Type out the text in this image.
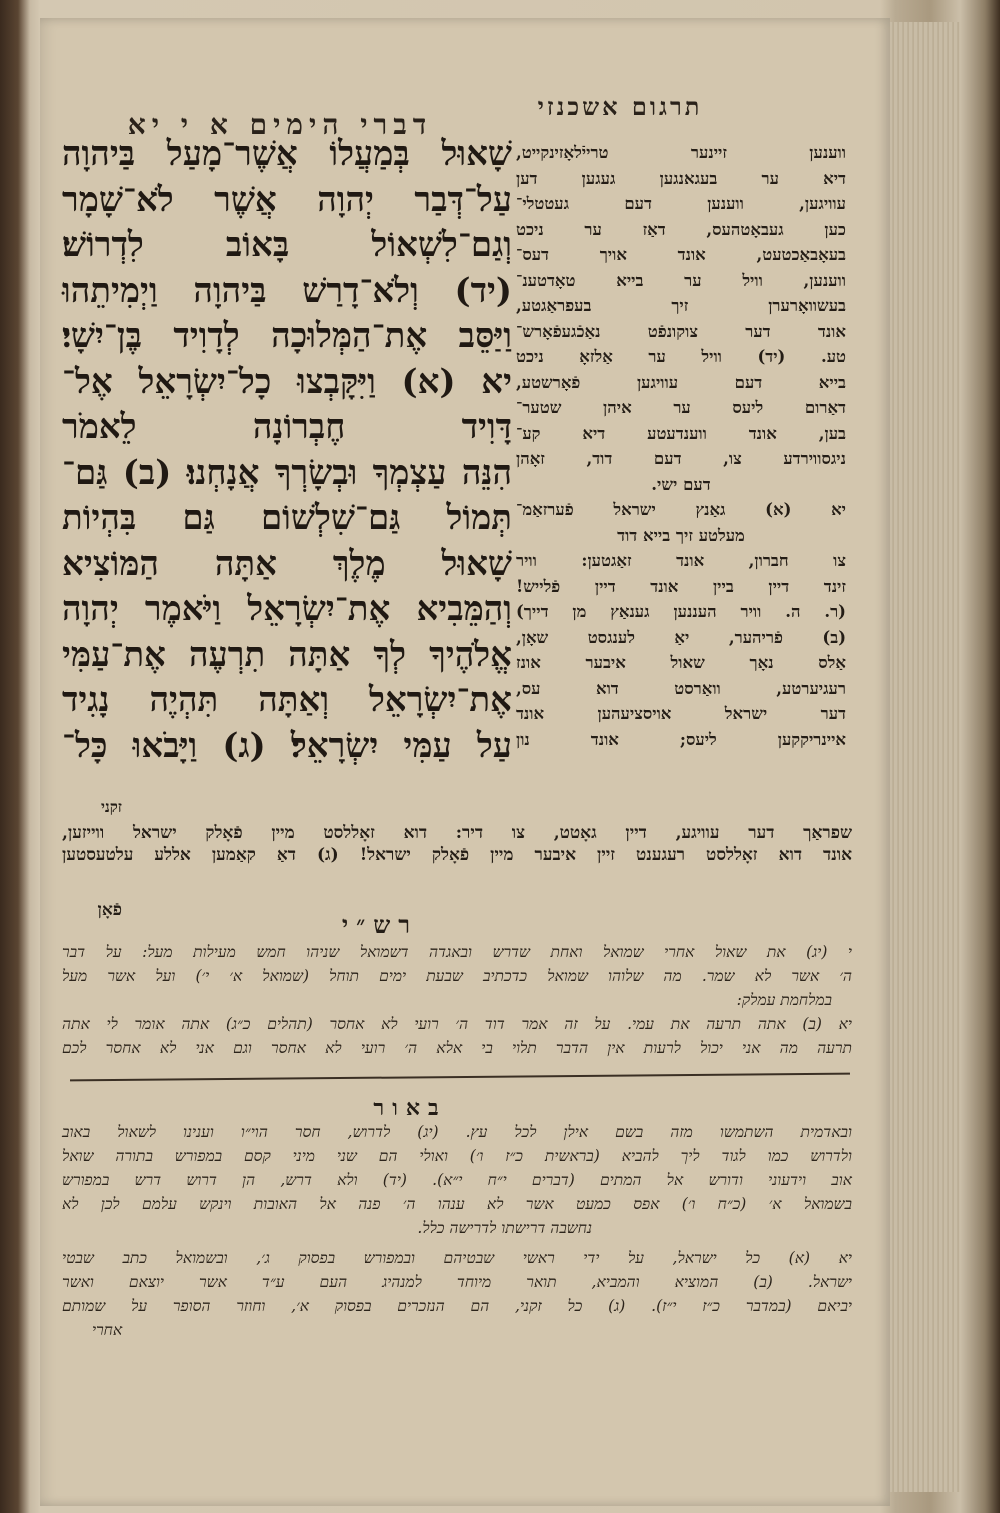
תרגום אשכנזי
דברי הימים א י יא
שָׁאוּל בְּמַעֲלוֹ אֲשֶׁר־מָעַל בַּיהוָה
עַל־דְּבַר יְהוָה אֲשֶׁר לֹא־שָׁמָר
וְגַם־לִשְׁאוֹל בָּאוֹב לִדְרוֹשׁ׃
(יד) וְלֹא־דָרַשׁ בַּיהוָה וַיְמִיתֵהוּ
וַיַּסֵּב אֶת־הַמְּלוּכָה לְדָוִיד בֶּן־יִשָׁי׃
יא (א) וַיִּקָּבְצוּ כָל־יִשְׂרָאֵל אֶל־
דָּוִיד חֶבְרוֹנָה לֵאמֹר
הִנֵּה עַצְמְךָ וּבְשָׂרְךָ אֲנָחְנוּ׃ (ב) גַּם־
תְּמוֹל גַּם־שִׁלְשׁוֹם גַּם בִּהְיוֹת
שָׁאוּל מֶלֶךְ אַתָּה הַמּוֹצִיא
וְהַמֵּבִיא אֶת־יִשְׂרָאֵל וַיֹּאמֶר יְהוָה
אֱלֹהֶיךָ לְךָ אַתָּה תִרְעֶה אֶת־עַמִּי
אֶת־יִשְׂרָאֵל וְאַתָּה תִּהְיֶה נָגִיד
עַל עַמִּי יִשְׂרָאֵל׃ (ג) וַיָּבֹאוּ כָּל־
ווענען זיינער טרייֿלאָזינקייט,
דיא ער בעגאנגען געגען דען
עוויגען, ווענען דעם געטטלי־
כען געבאָטהעס, דאַז ער ניכט
בעאָבאַכטעט, אונד אויך דעס־
ווענען, וויל ער בייא טאָדטענ־
בעשוואָרערן זיך בעפראַגטע,
אונד דער צוקונפֿט נאַכֿגעפֿאָרש־
טע. (יד) וויל ער אַלזאָ ניכט
בייא דעם עוויגען פֿאָרשטע,
דאַרום ליעס ער איהן שטער־
בען, אונד ווענדעטע דיא קע־
ניגסווירדע צו, דעם דוד, זאָהן
דעם ישי.
יא (א) גאַנץ ישראל פֿערזאַמ־
מעלטע זיך בייא דוד
צו חברון, אונד זאַגטען: וויר
זינד דיין ביין אונד דיין פֿלייש!
(ר. ה. וויר העננען גענאַץ מן דייך)
(ב) פֿריהער, יאַ לענגסט שאָן,
אַלס נאָך שאול איבער אונז
רעגיערטע, וואַרסט דוא עס,
דער ישראל אויסציעהען אונד
איינריקקען ליעס; אונד נון
זקני
שפראַך דער עוויגע, דיין גאָטט, צו דיר: דוא זאָללסט מיין פֿאָלק ישראל ווייזען,
אונד דוא זאָללסט רעגענט זיין איבער מיין פֿאָלק ישראל! (ג) דאַ קאַמען אללע עלטעסטען
פֿאָן	רש״י
י (יג) את שאול אחרי שמואל ואחת שדרש ובאגדה דשמואל שניהו חמש מעילות מעל: על דבר
ה׳ אשר לא שמר. מה שלוהו שמואל כדכתיב שבעת ימים תוחל (שמואל א׳ י׳) ועל אשר מעל
במלחמת עמלק:
יא (ב) אתה תרעה את עמי. על זה אמר דוד ה׳ רועי לא אחסר (תהלים כ״ג) אתה אומר לי אתה
תרעה מה אני יכול לרעות אין הדבר תלוי בי אלא ה׳ רועי לא אחסר וגם אני לא אחסר לכם
באור
ובאדמית השתמשו מזה בשם אילן לכל עץ. (יג) לדרוש, חסר הוי״ו וענינו לשאול באוב
ולדרוש כמו לגוד ליך להביא (בראשית כ״ז ו׳) ואולי הם שני מיני קסם במפורש בתורה שואל
אוב וידעוני ודורש אל המתים (דברים י״ח י״א). (יד) ולא דרש, הן דרוש דרש במפורש
בשמואל א׳ (כ״ח ו׳) אפס כמעט אשר לא ענהו ה׳ פנה אל האובות וינקש עלמם לכן לא
נחשבה דרישתו לדרישה כלל.
יא (א) כל ישראל, על ידי ראשי שבטיהם ובמפורש בפסוק ג׳, ובשמואל כתב שבטי
ישראל. (ב) המוציא והמביא, תואר מיוחד למנהיג העם ע״ד אשר יוצאם ואשר
יביאם (במדבר כ״ז י״ז). (ג) כל זקני, הם הנזכרים בפסוק א׳, וחוזר הסופר על שמותם
אחרי
